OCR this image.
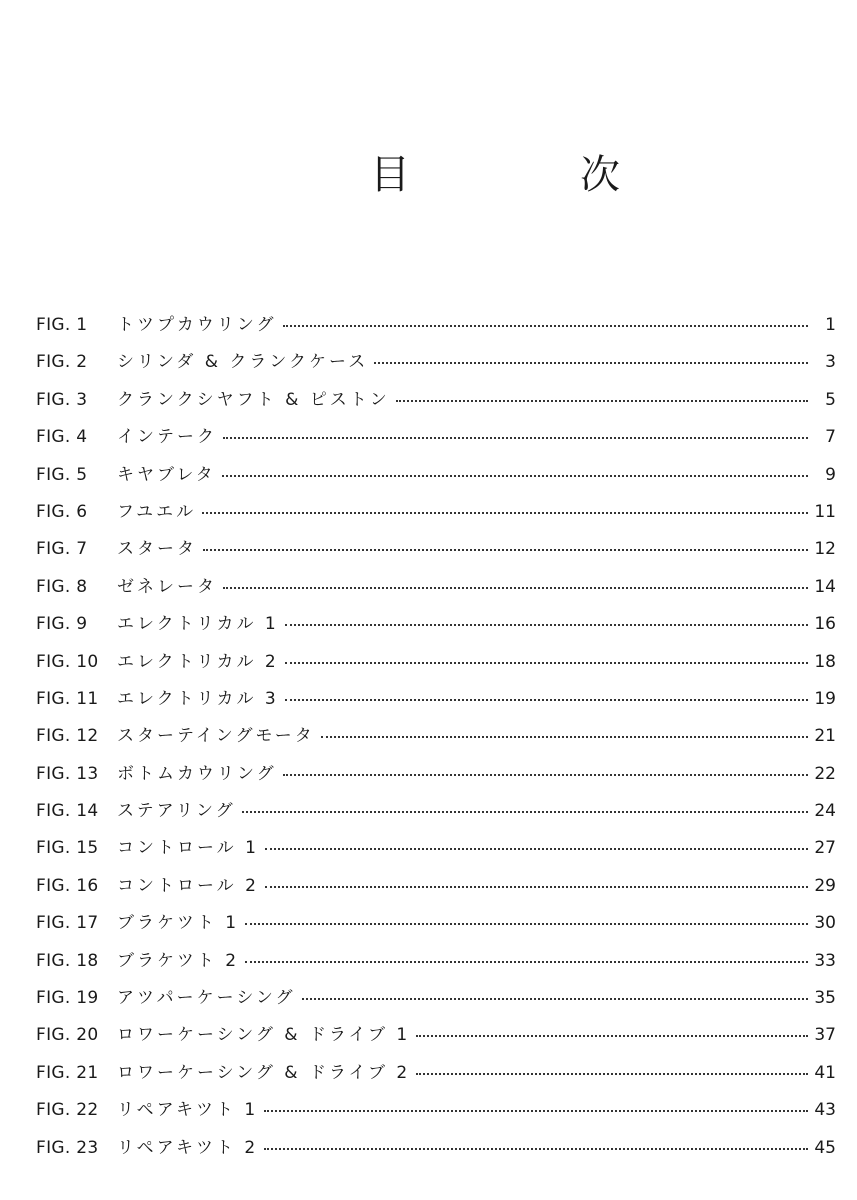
目	次
FIG. 1	トツプカウリング	1
FIG. 2	シリンダ & クランクケース	3
FIG. 3	クランクシヤフト & ピストン	5
FIG. 4	インテーク	7
FIG. 5	キヤブレタ	9
FIG. 6	フユエル	11
FIG. 7	スタータ	12
FIG. 8	ゼネレータ	14
FIG. 9	エレクトリカル 1	16
FIG. 10	エレクトリカル 2	18
FIG. 11	エレクトリカル 3	19
FIG. 12	スターテイングモータ	21
FIG. 13	ボトムカウリング	22
FIG. 14	ステアリング	24
FIG. 15	コントロール 1	27
FIG. 16	コントロール 2	29
FIG. 17	ブラケツト 1	30
FIG. 18	ブラケツト 2	33
FIG. 19	アツパーケーシング	35
FIG. 20	ロワーケーシング & ドライブ 1	37
FIG. 21	ロワーケーシング & ドライブ 2	41
FIG. 22	リペアキツト 1	43
FIG. 23	リペアキツト 2	45
